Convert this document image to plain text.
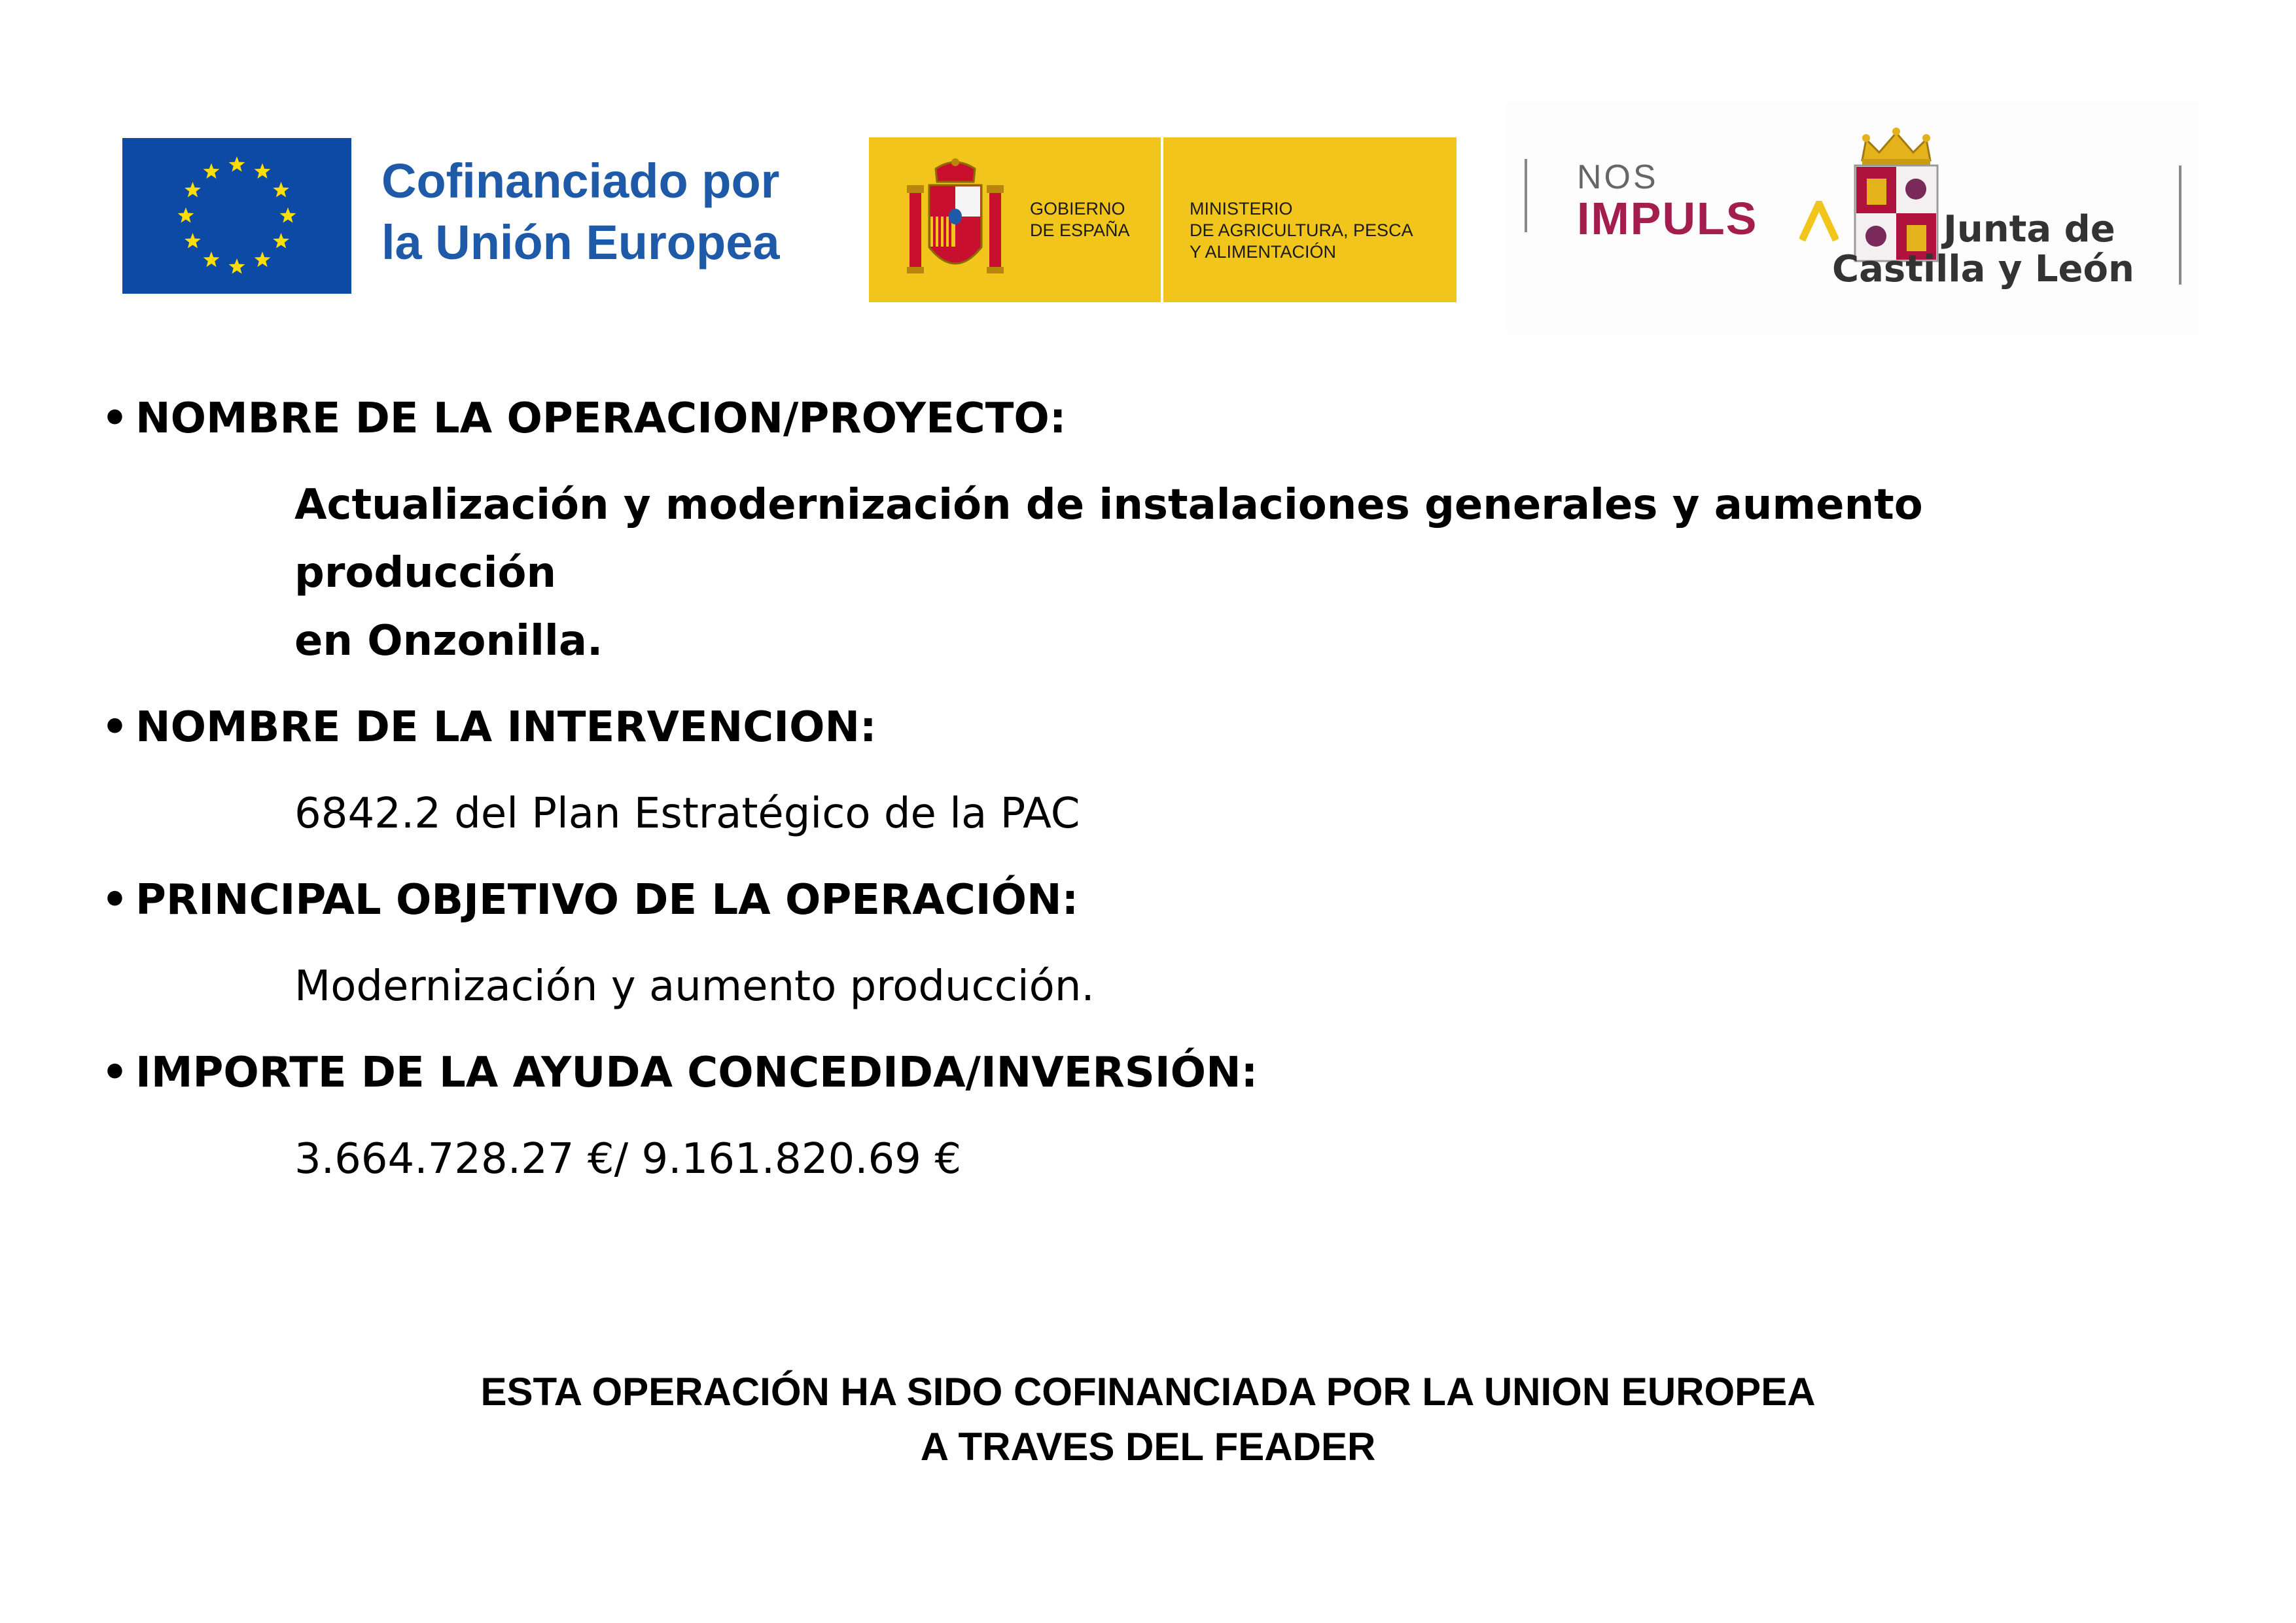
Cofinanciado por
la Unión Europea
GOBIERNO
DE ESPAÑA
MINISTERIO
DE AGRICULTURA, PESCA
Y ALIMENTACIÓN
NOS
IMPULS	Junta de
Castilla y León

• NOMBRE DE LA OPERACION/PROYECTO:

Actualización y modernización de instalaciones generales y aumento producción

en Onzonilla.

• NOMBRE DE LA INTERVENCION:

6842.2 del Plan Estratégico de la PAC

• PRINCIPAL OBJETIVO DE LA OPERACIÓN:

Modernización y aumento producción.

• IMPORTE DE LA AYUDA CONCEDIDA/INVERSIÓN:

3.664.728.27 €/ 9.161.820.69 €

ESTA OPERACIÓN HA SIDO COFINANCIADA POR LA UNION EUROPEA
A TRAVES DEL FEADER
